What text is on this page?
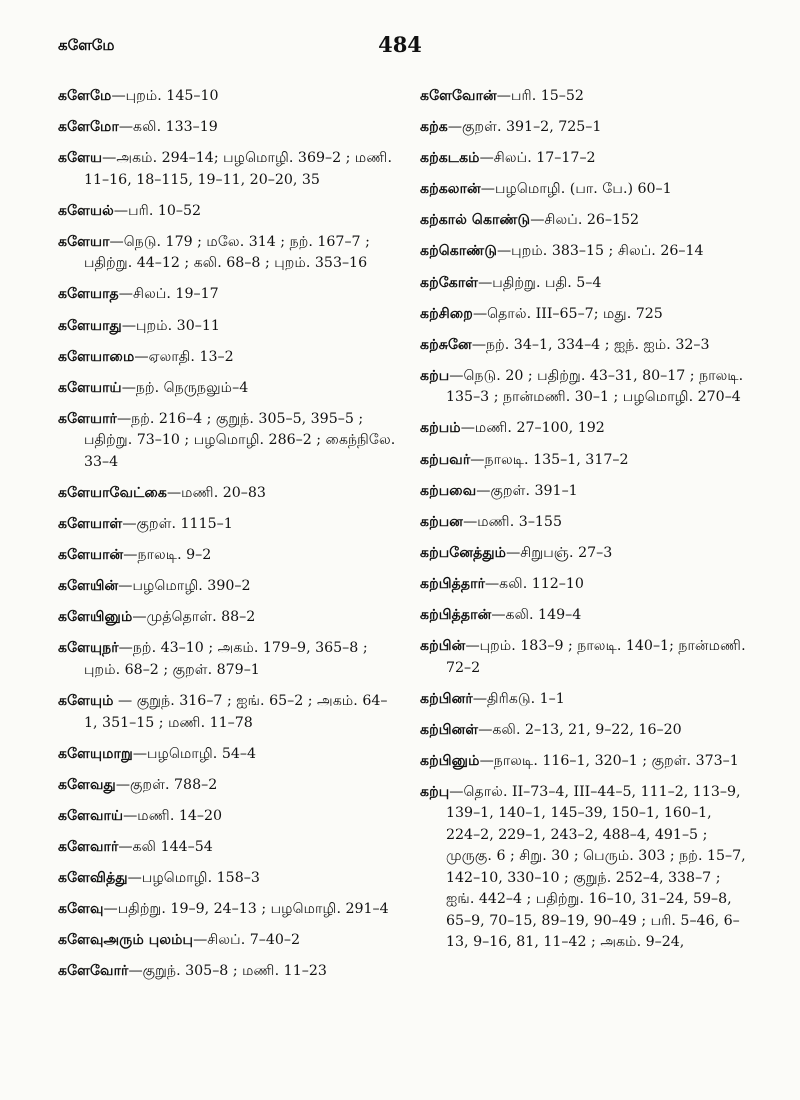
களேமே	484
களேமே—புறம். 145–10
களேமோ—கலி. 133–19
களேய—அகம். 294–14; பழமொழி. 369–2 ; மணி. 11–16, 18–115, 19–11, 20–20, 35
களேயல்—பரி. 10–52
களேயா—நெடு. 179 ; மலே. 314 ; நற். 167–7 ; பதிற்று. 44–12 ; கலி. 68–8 ; புறம். 353–16
களேயாத—சிலப். 19–17
களேயாது—புறம். 30–11
களேயாமை—ஏலாதி. 13–2
களேயாய்—நற். நெருநலும்–4
களேயார்—நற். 216–4 ; குறுந். 305–5, 395–5 ; பதிற்று. 73–10 ; பழமொழி. 286–2 ; கைந்நிலே. 33–4
களேயாவேட்கை—மணி. 20–83
களேயாள்—குறள். 1115–1
களேயான்—நாலடி. 9–2
களேயின்—பழமொழி. 390–2
களேயினும்—முத்தொள். 88–2
களேயுநர்—நற். 43–10 ; அகம். 179–9, 365–8 ; புறம். 68–2 ; குறள். 879–1
களேயும் — குறுந். 316–7 ; ஐங். 65–2 ; அகம். 64–1, 351–15 ; மணி. 11–78
களேயுமாறு—பழமொழி. 54–4
களேவது—குறள். 788–2
களேவாய்—மணி. 14–20
களேவார்—கலி 144–54
களேவித்து—பழமொழி. 158–3
களேவு—பதிற்று. 19–9, 24–13 ; பழமொழி. 291–4
களேவுஅரும் புலம்பு—சிலப். 7–40–2
களேவோர்—குறுந். 305–8 ; மணி. 11–23
களேவோன்—பரி. 15–52
கற்க—குறள். 391–2, 725–1
கற்கடகம்—சிலப். 17–17–2
கற்கலான்—பழமொழி. (பா. பே.) 60–1
கற்கால் கொண்டு—சிலப். 26–152
கற்கொண்டு—புறம். 383–15 ; சிலப். 26–14
கற்கோள்—பதிற்று. பதி. 5–4
கற்சிறை—தொல். III–65–7; மது. 725
கற்சுனே—நற். 34–1, 334–4 ; ஐந். ஐம். 32–3
கற்ப—நெடு. 20 ; பதிற்று. 43–31, 80–17 ; நாலடி. 135–3 ; நான்மணி. 30–1 ; பழமொழி. 270–4
கற்பம்—மணி. 27–100, 192
கற்பவர்—நாலடி. 135–1, 317–2
கற்பவை—குறள். 391–1
கற்பன—மணி. 3–155
கற்பனேத்தும்—சிறுபஞ். 27–3
கற்பித்தார்—கலி. 112–10
கற்பித்தான்—கலி. 149–4
கற்பின்—புறம். 183–9 ; நாலடி. 140–1; நான்மணி. 72–2
கற்பினர்—திரிகடு. 1–1
கற்பினள்—கலி. 2–13, 21, 9–22, 16–20
கற்பினும்—நாலடி. 116–1, 320–1 ; குறள். 373–1
கற்பு—தொல். II–73–4, III–44–5, 111–2, 113–9, 139–1, 140–1, 145–39, 150–1, 160–1, 224–2, 229–1, 243–2, 488–4, 491–5 ; முருகு. 6 ; சிறு. 30 ; பெரும். 303 ; நற். 15–7, 142–10, 330–10 ; குறுந். 252–4, 338–7 ; ஐங். 442–4 ; பதிற்று. 16–10, 31–24, 59–8, 65–9, 70–15, 89–19, 90–49 ; பரி. 5–46, 6–13, 9–16, 81, 11–42 ; அகம். 9–24,
